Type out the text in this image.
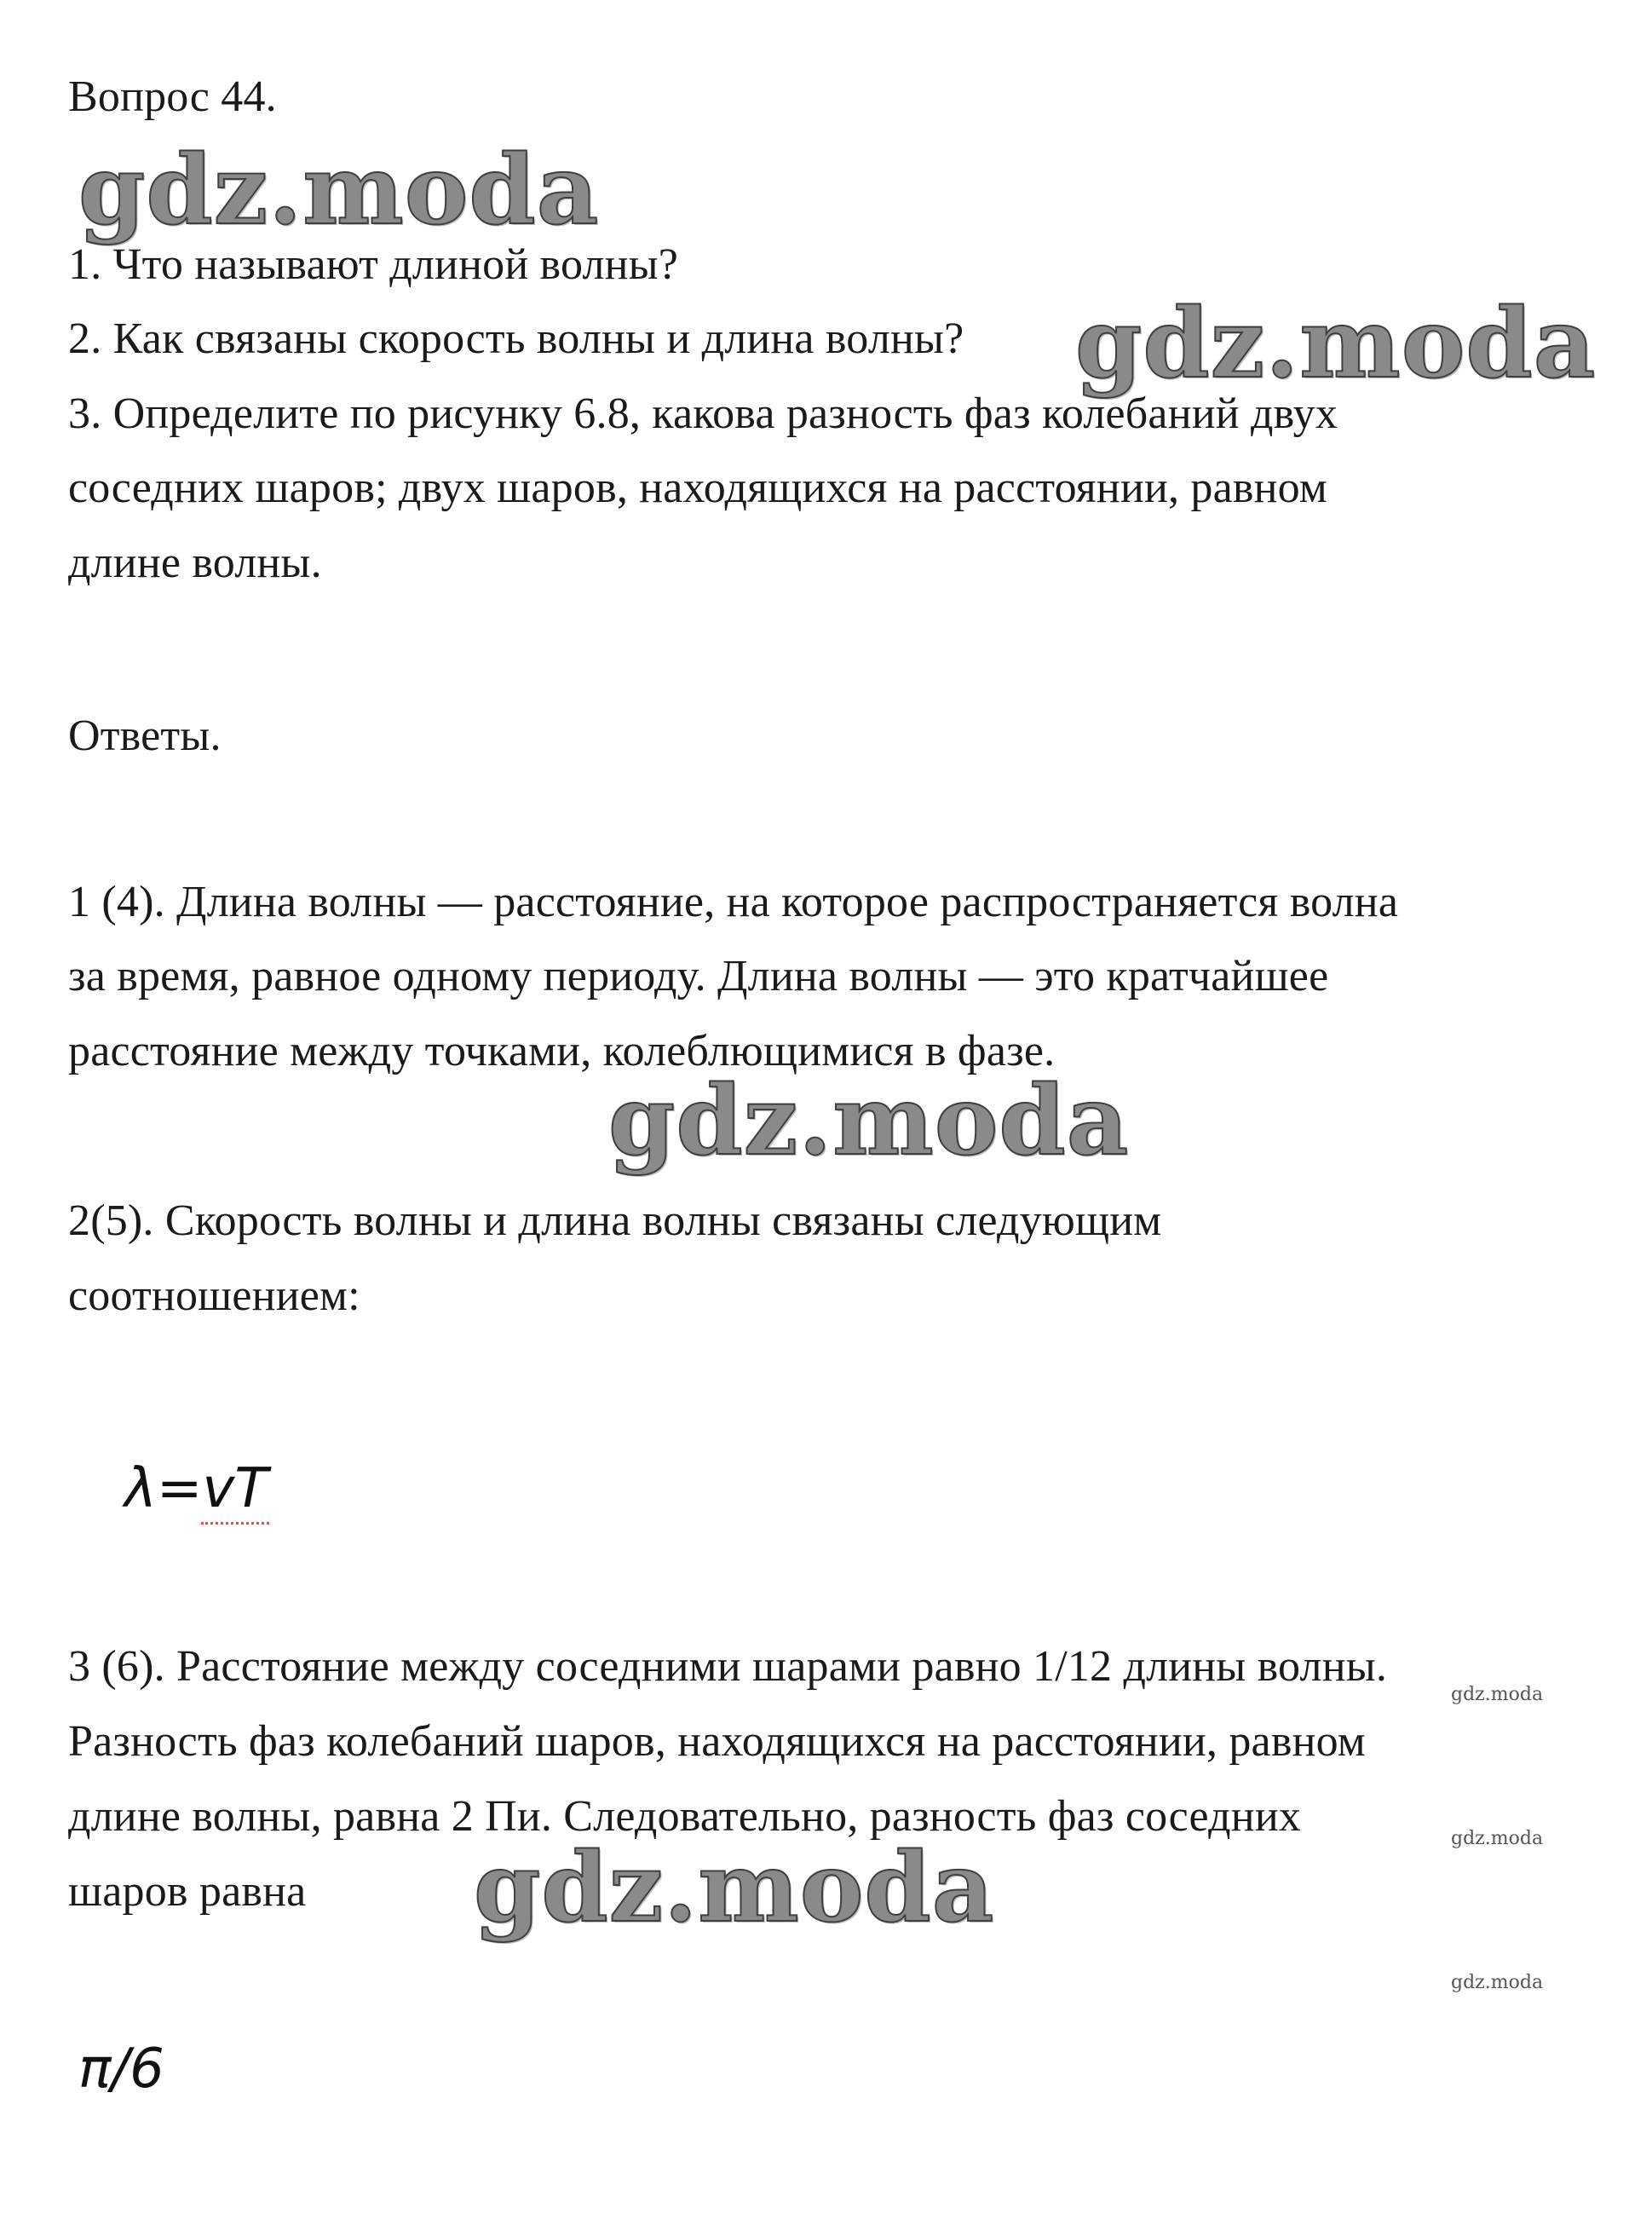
Вопрос 44.
gdz.moda
1. Что называют длиной волны?
2. Как связаны скорость волны и длина волны? gdz.moda
3. Определите по рисунку 6.8, какова разность фаз колебаний двух
соседних шаров; двух шаров, находящихся на расстоянии, равном
длине волны.
Ответы.
1 (4). Длина волны — расстояние, на которое распространяется волна
за время, равное одному периоду. Длина волны — это кратчайшее
расстояние между точками, колеблющимися в фазе.
gdz.moda
2(5). Скорость волны и длина волны связаны следующим
соотношением:
λ=vT
3 (6). Расстояние между соседними шарами равно 1/12 длины волны.
gdz.moda
Разность фаз колебаний шаров, находящихся на расстоянии, равном
длине волны, равна 2 Пи. Следовательно, разность фаз соседних	gdz.moda
шаров равна gdz.moda
gdz.moda
π/6
